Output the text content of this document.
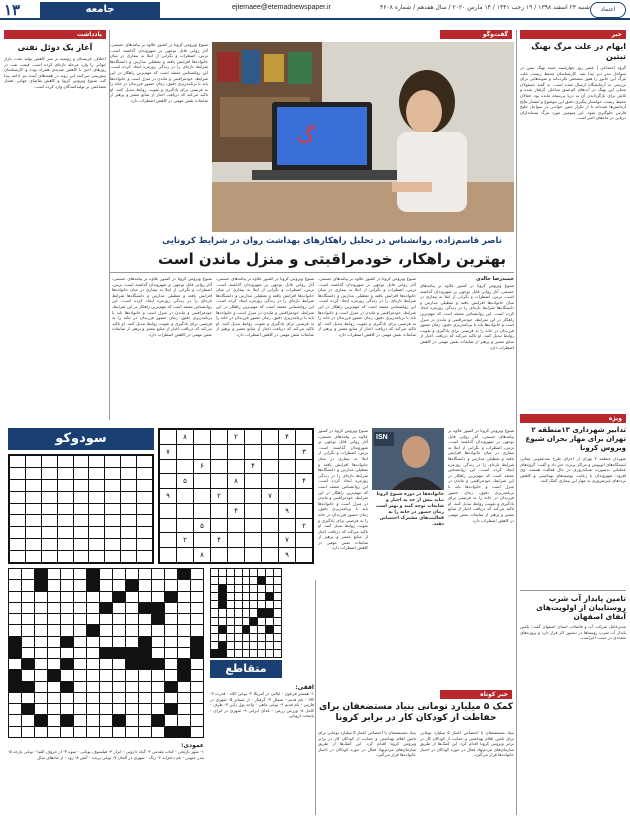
۱۳	جامعه	ejtemaee@etemadnewspaper.ir	شنبه ۲۴ اسفند ۱۳۹۸ / ۱۹ رجب ۱۴۴۱ / ۱۴ مارس ۲۰۲۰ / سال هفدهم / شماره ۴۶۰۸	اعتماد
خبر
ابهام در علت مرگ نهنگ تبتین
گروه اجتماعی | عصر روز چهارشنبه جسد نهنگ تبتین در سواحل بندر دیر پیدا شد. کارشناسان محیط زیست علت مرگ این جانور را هنوز مشخص نکرده‌اند و نمونه‌هایی برای بررسی به آزمایشگاه ارسال شده است. به گفته مسئولان محلی این نهنگ در آب‌های کم‌عمق ساحلی گرفتار شده و تلاش برای بازگرداندن آن به دریا بی‌نتیجه مانده بود. فعالان محیط زیست خواستار پیگیری دقیق این موضوع و انتشار نتایج آزمایش‌ها شده‌اند تا از تکرار چنین حوادثی در سواحل خلیج فارس جلوگیری شود. این سومین مورد مرگ پستانداران دریایی در ماه‌های اخیر است.
ویژه
تدابیر شهرداری ۱۳منطقه ۲ تهران برای مهار بحران شیوع ویروس کرونا
شهردار منطقه ۲ تهران از اجرای طرح ضدعفونی معابر، ایستگاه‌های اتوبوس و مراکز پرتردد خبر داد و گفت: گروه‌های عملیاتی به‌صورت شبانه‌روزی در حال فعالیت هستند. وی افزود: شهروندان با رعایت توصیه‌های بهداشتی و کاهش ترددهای غیرضروری به مهار این بیماری کمک کنند.
تامین پایدار آب شرب روستاییان از اولویت‌های آبفای اصفهان
مدیرعامل شرکت آب و فاضلاب استان اصفهان گفت: تامین پایدار آب شرب روستاها در دستور کار قرار دارد و پروژه‌های متعددی در دست اجراست.
یادداشت
آغاز یک دوئل نفتی
اختلاف عربستان و روسیه بر سر کاهش تولید نفت، بازار جهانی را وارد مرحله تازه‌ای کرده است. قیمت نفت در روزهای اخیر با کاهش شدیدی همراه بوده و کارشناسان پیش‌بینی می‌کنند این روند در هفته‌های آینده نیز ادامه پیدا کند. شیوع ویروس کرونا و کاهش تقاضای جهانی، فشار مضاعفی بر تولیدکنندگان وارد کرده است.
گفت‌وگو
گ
شیوع ویروس کرونا در کشور علاوه بر پیامدهای جسمی، آثار روانی قابل توجهی بر شهروندان گذاشته است. ترس، اضطراب و نگرانی از ابتلا به بیماری در میان خانواده‌ها افزایش یافته و تعطیلی مدارس و دانشگاه‌ها شرایط تازه‌ای را در زندگی روزمره ایجاد کرده است. این روانشناس معتقد است که مهم‌ترین راهکار در این شرایط، خودمراقبتی و ماندن در منزل است و خانواده‌ها باید با برنامه‌ریزی دقیق، زمان حضور فرزندان در خانه را به فرصتی برای یادگیری و تقویت روابط تبدیل کنند. او تاکید می‌کند که دریافت اخبار از منابع معتبر و پرهیز از شایعات نقش مهمی در کاهش اضطراب دارد.
ناصر قاسم‌زاده، روانشناس در تحلیل راهکارهای بهداشت روان در شرایط کرونایی
بهترین راهکار، خودمراقبتی و منزل ماندن است
حمیدرضا خالدی
شیوع ویروس کرونا در کشور علاوه بر پیامدهای جسمی، آثار روانی قابل توجهی بر شهروندان گذاشته است. ترس، اضطراب و نگرانی از ابتلا به بیماری در میان خانواده‌ها افزایش یافته و تعطیلی مدارس و دانشگاه‌ها شرایط تازه‌ای را در زندگی روزمره ایجاد کرده است. این روانشناس معتقد است که مهم‌ترین راهکار در این شرایط، خودمراقبتی و ماندن در منزل است و خانواده‌ها باید با برنامه‌ریزی دقیق، زمان حضور فرزندان در خانه را به فرصتی برای یادگیری و تقویت روابط تبدیل کنند. او تاکید می‌کند که دریافت اخبار از منابع معتبر و پرهیز از شایعات نقش مهمی در کاهش اضطراب دارد.
شیوع ویروس کرونا در کشور علاوه بر پیامدهای جسمی، آثار روانی قابل توجهی بر شهروندان گذاشته است. ترس، اضطراب و نگرانی از ابتلا به بیماری در میان خانواده‌ها افزایش یافته و تعطیلی مدارس و دانشگاه‌ها شرایط تازه‌ای را در زندگی روزمره ایجاد کرده است. این روانشناس معتقد است که مهم‌ترین راهکار در این شرایط، خودمراقبتی و ماندن در منزل است و خانواده‌ها باید با برنامه‌ریزی دقیق، زمان حضور فرزندان در خانه را به فرصتی برای یادگیری و تقویت روابط تبدیل کنند. او تاکید می‌کند که دریافت اخبار از منابع معتبر و پرهیز از شایعات نقش مهمی در کاهش اضطراب دارد.
شیوع ویروس کرونا در کشور علاوه بر پیامدهای جسمی، آثار روانی قابل توجهی بر شهروندان گذاشته است. ترس، اضطراب و نگرانی از ابتلا به بیماری در میان خانواده‌ها افزایش یافته و تعطیلی مدارس و دانشگاه‌ها شرایط تازه‌ای را در زندگی روزمره ایجاد کرده است. این روانشناس معتقد است که مهم‌ترین راهکار در این شرایط، خودمراقبتی و ماندن در منزل است و خانواده‌ها باید با برنامه‌ریزی دقیق، زمان حضور فرزندان در خانه را به فرصتی برای یادگیری و تقویت روابط تبدیل کنند. او تاکید می‌کند که دریافت اخبار از منابع معتبر و پرهیز از شایعات نقش مهمی در کاهش اضطراب دارد.
شیوع ویروس کرونا در کشور علاوه بر پیامدهای جسمی، آثار روانی قابل توجهی بر شهروندان گذاشته است. ترس، اضطراب و نگرانی از ابتلا به بیماری در میان خانواده‌ها افزایش یافته و تعطیلی مدارس و دانشگاه‌ها شرایط تازه‌ای را در زندگی روزمره ایجاد کرده است. این روانشناس معتقد است که مهم‌ترین راهکار در این شرایط، خودمراقبتی و ماندن در منزل است و خانواده‌ها باید با برنامه‌ریزی دقیق، زمان حضور فرزندان در خانه را به فرصتی برای یادگیری و تقویت روابط تبدیل کنند. او تاکید می‌کند که دریافت اخبار از منابع معتبر و پرهیز از شایعات نقش مهمی در کاهش اضطراب دارد.
ISN
خانواده‌ها در دوره شیوع کرونا نباید بیش از حد به اخبار و شایعات توجه کنند و بهتر است زمان حضور در خانه را به فعالیت‌های مشترک اختصاص دهند.
شیوع ویروس کرونا در کشور علاوه بر پیامدهای جسمی، آثار روانی قابل توجهی بر شهروندان گذاشته است. ترس، اضطراب و نگرانی از ابتلا به بیماری در میان خانواده‌ها افزایش یافته و تعطیلی مدارس و دانشگاه‌ها شرایط تازه‌ای را در زندگی روزمره ایجاد کرده است. این روانشناس معتقد است که مهم‌ترین راهکار در این شرایط، خودمراقبتی و ماندن در منزل است و خانواده‌ها باید با برنامه‌ریزی دقیق، زمان حضور فرزندان در خانه را به فرصتی برای یادگیری و تقویت روابط تبدیل کنند. او تاکید می‌کند که دریافت اخبار از منابع معتبر و پرهیز از شایعات نقش مهمی در کاهش اضطراب دارد.
شیوع ویروس کرونا در کشور علاوه بر پیامدهای جسمی، آثار روانی قابل توجهی بر شهروندان گذاشته است. ترس، اضطراب و نگرانی از ابتلا به بیماری در میان خانواده‌ها افزایش یافته و تعطیلی مدارس و دانشگاه‌ها شرایط تازه‌ای را در زندگی روزمره ایجاد کرده است. این روانشناس معتقد است که مهم‌ترین راهکار در این شرایط، خودمراقبتی و ماندن در منزل است و خانواده‌ها باید با برنامه‌ریزی دقیق، زمان حضور فرزندان در خانه را به فرصتی برای یادگیری و تقویت روابط تبدیل کنند. او تاکید می‌کند که دریافت اخبار از منابع معتبر و پرهیز از شایعات نقش مهمی در کاهش اضطراب دارد.
سودوکو	۸	۲	۴
۷	۳
۶	۴
۵	۸	۴
۹	۲	۷
۴	۹
۵	۲
۲	۴	۷
۸	۹
متقاطع
افقی:
۱- همسر فرعون - ایالتی در آمریکا ۲- نوعی کلاه - قدرت ۳- کالا - نام قدیم - شمال ۴- گرفتار - از ضمایر ۵- شهری در فارس - نام قدیم ۶- نوعی ماهی - واحد پول ژاپن ۷- ظرف - کامل ۸- ورزش رزمی - غذای ایرانی ۹- شهری در ایران - پایتخت اروپایی
عمودی:
۱- شهر تاریخی - کتاب مقدس ۲- گیاه دارویی - ابزار ۳- فیلسوف یونانی - میوه ۴- از حروف الفبا - نوعی پارچه ۵- بندر جنوبی - نام دخترانه ۶- رنگ - شهری در آلمان ۷- نوعی پرنده - آتش ۸- رود - از ماه‌های سال
خبر کوتاه
کمک ۵ میلیارد تومانی بنیاد مستضعفان برای حفاظت از کودکان کار در برابر کرونا
بنیاد مستضعفان با اختصاص اعتبار ۵ میلیارد تومانی برای تامین اقلام بهداشتی و حمایت از کودکان کار در برابر ویروس کرونا اقدام کرد. این کمک‌ها از طریق سازمان‌های مردم‌نهاد فعال در حوزه کودکان در اختیار خانواده‌ها قرار می‌گیرد.
بنیاد مستضعفان با اختصاص اعتبار ۵ میلیارد تومانی برای تامین اقلام بهداشتی و حمایت از کودکان کار در برابر ویروس کرونا اقدام کرد. این کمک‌ها از طریق سازمان‌های مردم‌نهاد فعال در حوزه کودکان در اختیار خانواده‌ها قرار می‌گیرد.
